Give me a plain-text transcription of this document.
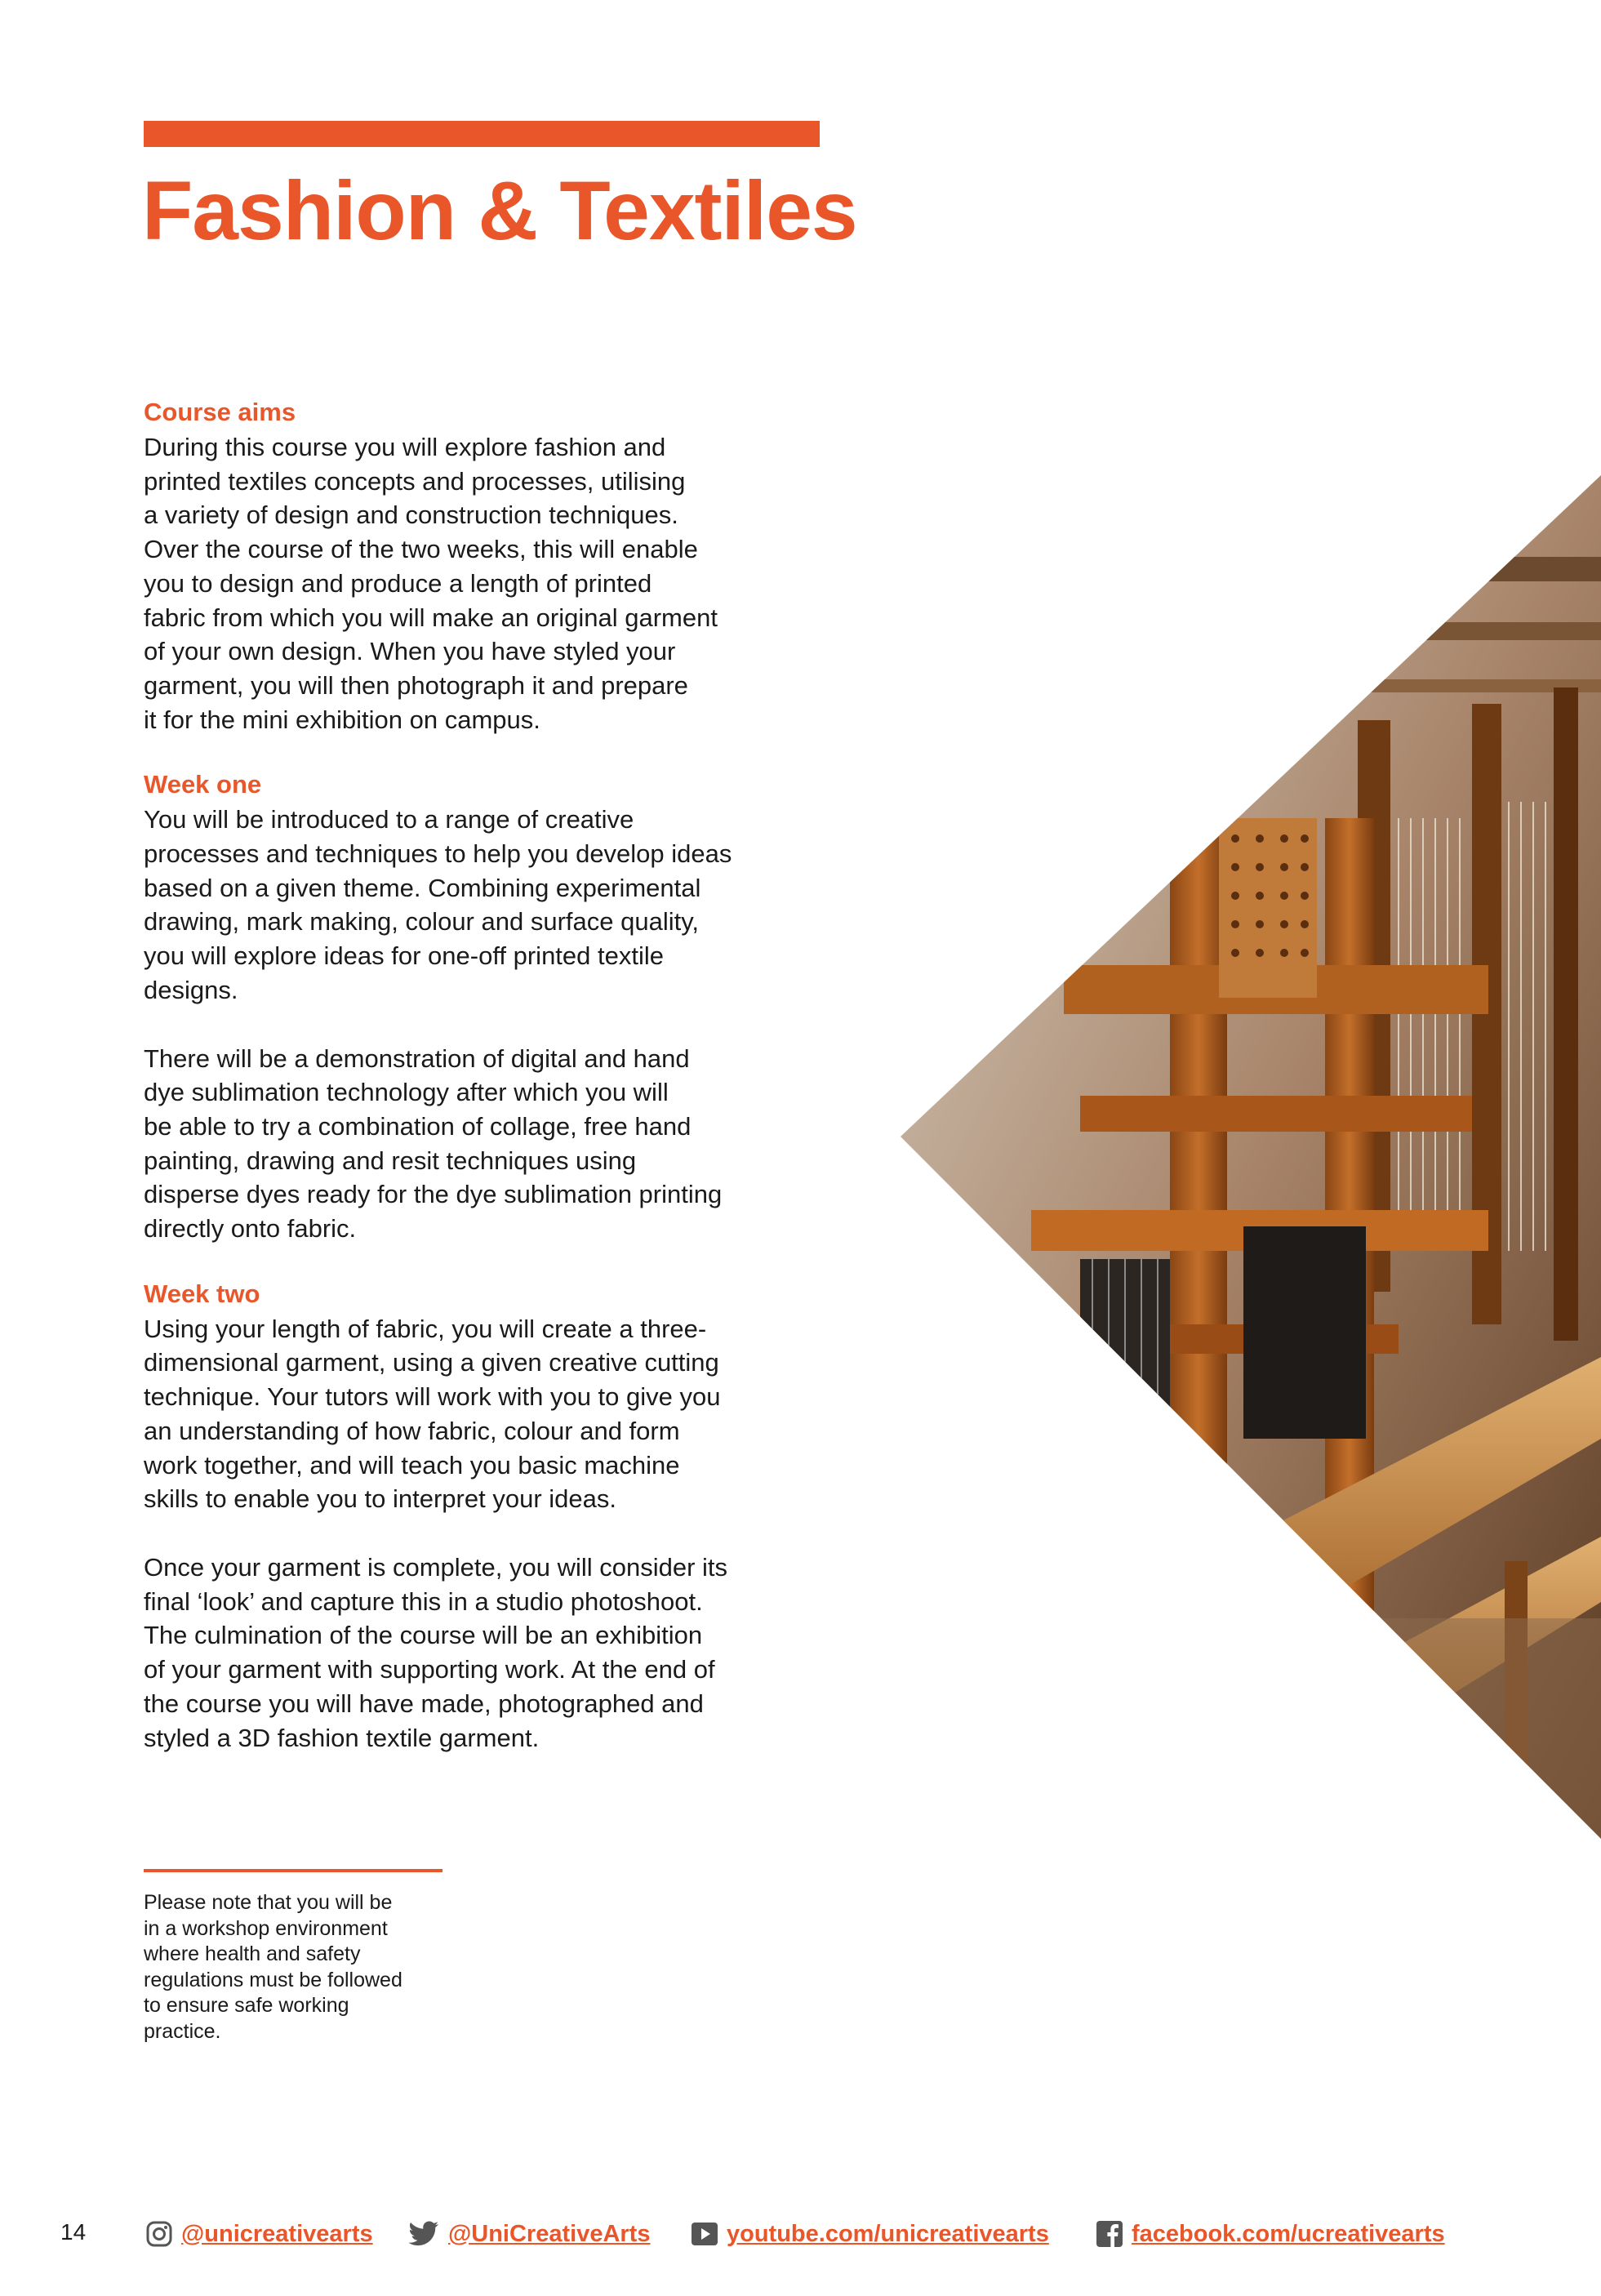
Fashion & Textiles
Course aims

During this course you will explore fashion and
printed textiles concepts and processes, utilising
a variety of design and construction techniques.
Over the course of the two weeks, this will enable
you to design and produce a length of printed
fabric from which you will make an original garment
of your own design. When you have styled your
garment, you will then photograph it and prepare
it for the mini exhibition on campus.

Week one

You will be introduced to a range of creative
processes and techniques to help you develop ideas
based on a given theme. Combining experimental
drawing, mark making, colour and surface quality,
you will explore ideas for one-off printed textile
designs.

There will be a demonstration of digital and hand
dye sublimation technology after which you will
be able to try a combination of collage, free hand
painting, drawing and resit techniques using
disperse dyes ready for the dye sublimation printing
directly onto fabric.

Week two

Using your length of fabric, you will create a three-
dimensional garment, using a given creative cutting
technique. Your tutors will work with you to give you
an understanding of how fabric, colour and form
work together, and will teach you basic machine
skills to enable you to interpret your ideas.

Once your garment is complete, you will consider its
final ‘look’ and capture this in a studio photoshoot.
The culmination of the course will be an exhibition
of your garment with supporting work. At the end of
the course you will have made, photographed and
styled a 3D fashion textile garment.

Please note that you will be
in a workshop environment
where health and safety
regulations must be followed
to ensure safe working
practice.

14	@unicreativearts	@UniCreativeArts	youtube.com/unicreativearts	facebook.com/ucreativearts
